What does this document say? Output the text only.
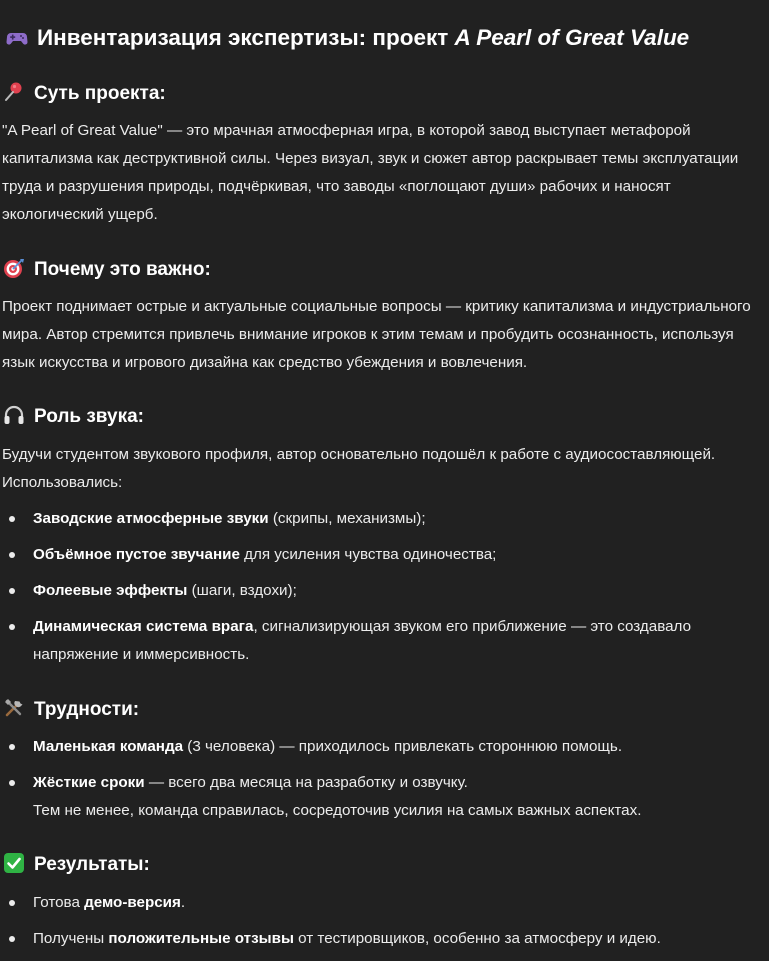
Инвентаризация экспертизы: проект A Pearl of Great Value
Суть проекта:

"A Pearl of Great Value" — это мрачная атмосферная игра, в которой завод выступает метафорой капитализма как деструктивной силы. Через визуал, звук и сюжет автор раскрывает темы эксплуатации труда и разрушения природы, подчёркивая, что заводы «поглощают души» рабочих и наносят экологический ущерб.

Почему это важно:

Проект поднимает острые и актуальные социальные вопросы — критику капитализма и индустриального мира. Автор стремится привлечь внимание игроков к этим темам и пробудить осознанность, используя язык искусства и игрового дизайна как средство убеждения и вовлечения.

Роль звука:

Будучи студентом звукового профиля, автор основательно подошёл к работе с аудиосоставляющей. Использовались:

Заводские атмосферные звуки (скрипы, механизмы);
Объёмное пустое звучание для усиления чувства одиночества;
Фолеевые эффекты (шаги, вздохи);
Динамическая система врага, сигнализирующая звуком его приближение — это создавало напряжение и иммерсивность.
Трудности:
Маленькая команда (3 человека) — приходилось привлекать стороннюю помощь.
Жёсткие сроки — всего два месяца на разработку и озвучку.
Тем не менее, команда справилась, сосредоточив усилия на самых важных аспектах.
Результаты:
Готова демо-версия.
Получены положительные отзывы от тестировщиков, особенно за атмосферу и идею.
